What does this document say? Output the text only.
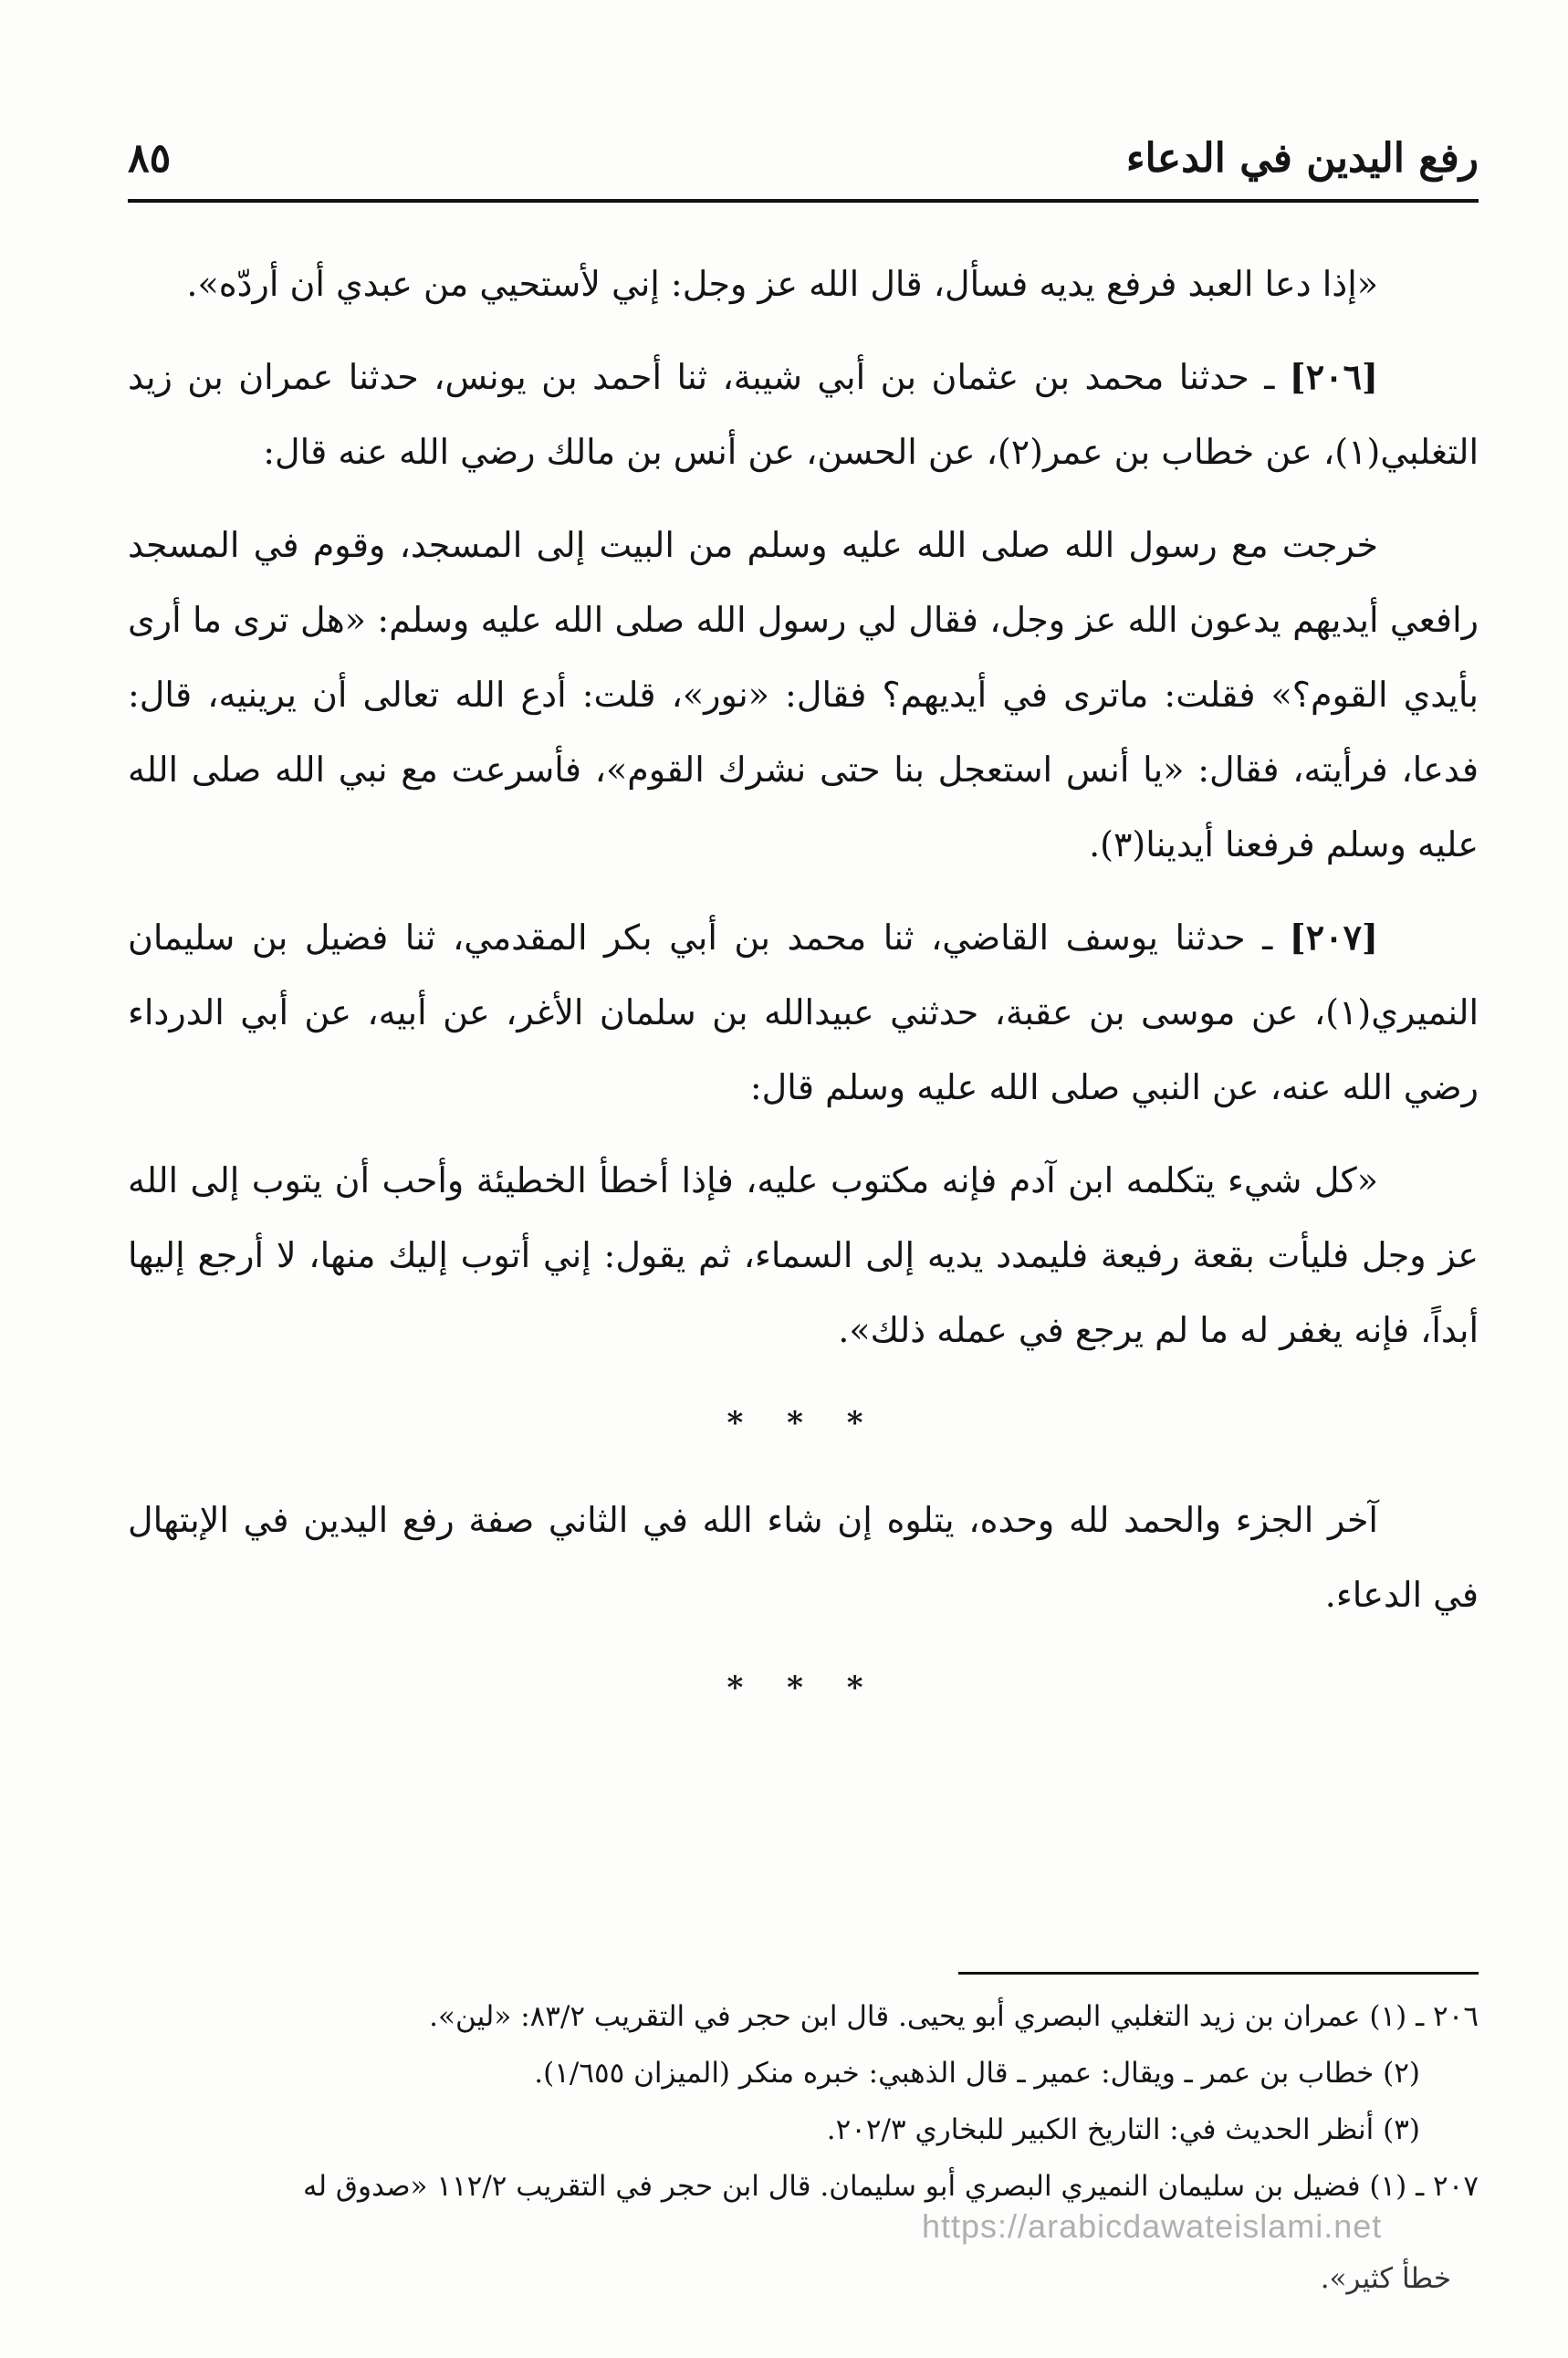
رفع اليدين في الدعاء
٨٥

«إذا دعا العبد فرفع يديه فسأل، قال الله عز وجل: إني لأستحيي من عبدي أن أردّه».

[٢٠٦] ـ حدثنا محمد بن عثمان بن أبي شيبة، ثنا أحمد بن يونس، حدثنا عمران بن زيد التغلبي(١)، عن خطاب بن عمر(٢)، عن الحسن، عن أنس بن مالك رضي الله عنه قال:

خرجت مع رسول الله صلى الله عليه وسلم من البيت إلى المسجد، وقوم في المسجد رافعي أيديهم يدعون الله عز وجل، فقال لي رسول الله صلى الله عليه وسلم: «هل ترى ما أرى بأيدي القوم؟» فقلت: ماترى في أيديهم؟ فقال: «نور»، قلت: أدع الله تعالى أن يرينيه، قال: فدعا، فرأيته، فقال: «يا أنس استعجل بنا حتى نشرك القوم»، فأسرعت مع نبي الله صلى الله عليه وسلم فرفعنا أيدينا(٣).

[٢٠٧] ـ حدثنا يوسف القاضي، ثنا محمد بن أبي بكر المقدمي، ثنا فضيل بن سليمان النميري(١)، عن موسى بن عقبة، حدثني عبيدالله بن سلمان الأغر، عن أبيه، عن أبي الدرداء رضي الله عنه، عن النبي صلى الله عليه وسلم قال:

«كل شيء يتكلمه ابن آدم فإنه مكتوب عليه، فإذا أخطأ الخطيئة وأحب أن يتوب إلى الله عز وجل فليأت بقعة رفيعة فليمدد يديه إلى السماء، ثم يقول: إني أتوب إليك منها، لا أرجع إليها أبداً، فإنه يغفر له ما لم يرجع في عمله ذلك».

* * *

آخر الجزء والحمد لله وحده، يتلوه إن شاء الله في الثاني صفة رفع اليدين في الإبتهال في الدعاء.

* * *

٢٠٦ ـ (١) عمران بن زيد التغلبي البصري أبو يحيى. قال ابن حجر في التقريب ٨٣/٢: «لين».

(٢) خطاب بن عمر ـ ويقال: عمير ـ قال الذهبي: خبره منكر (الميزان ١/٦٥٥).

(٣) أنظر الحديث في: التاريخ الكبير للبخاري ٢٠٢/٣.

٢٠٧ ـ (١) فضيل بن سليمان النميري البصري أبو سليمان. قال ابن حجر في التقريب ١١٢/٢ «صدوق له

خطأ كثير».
https://arabicdawateislami.net
